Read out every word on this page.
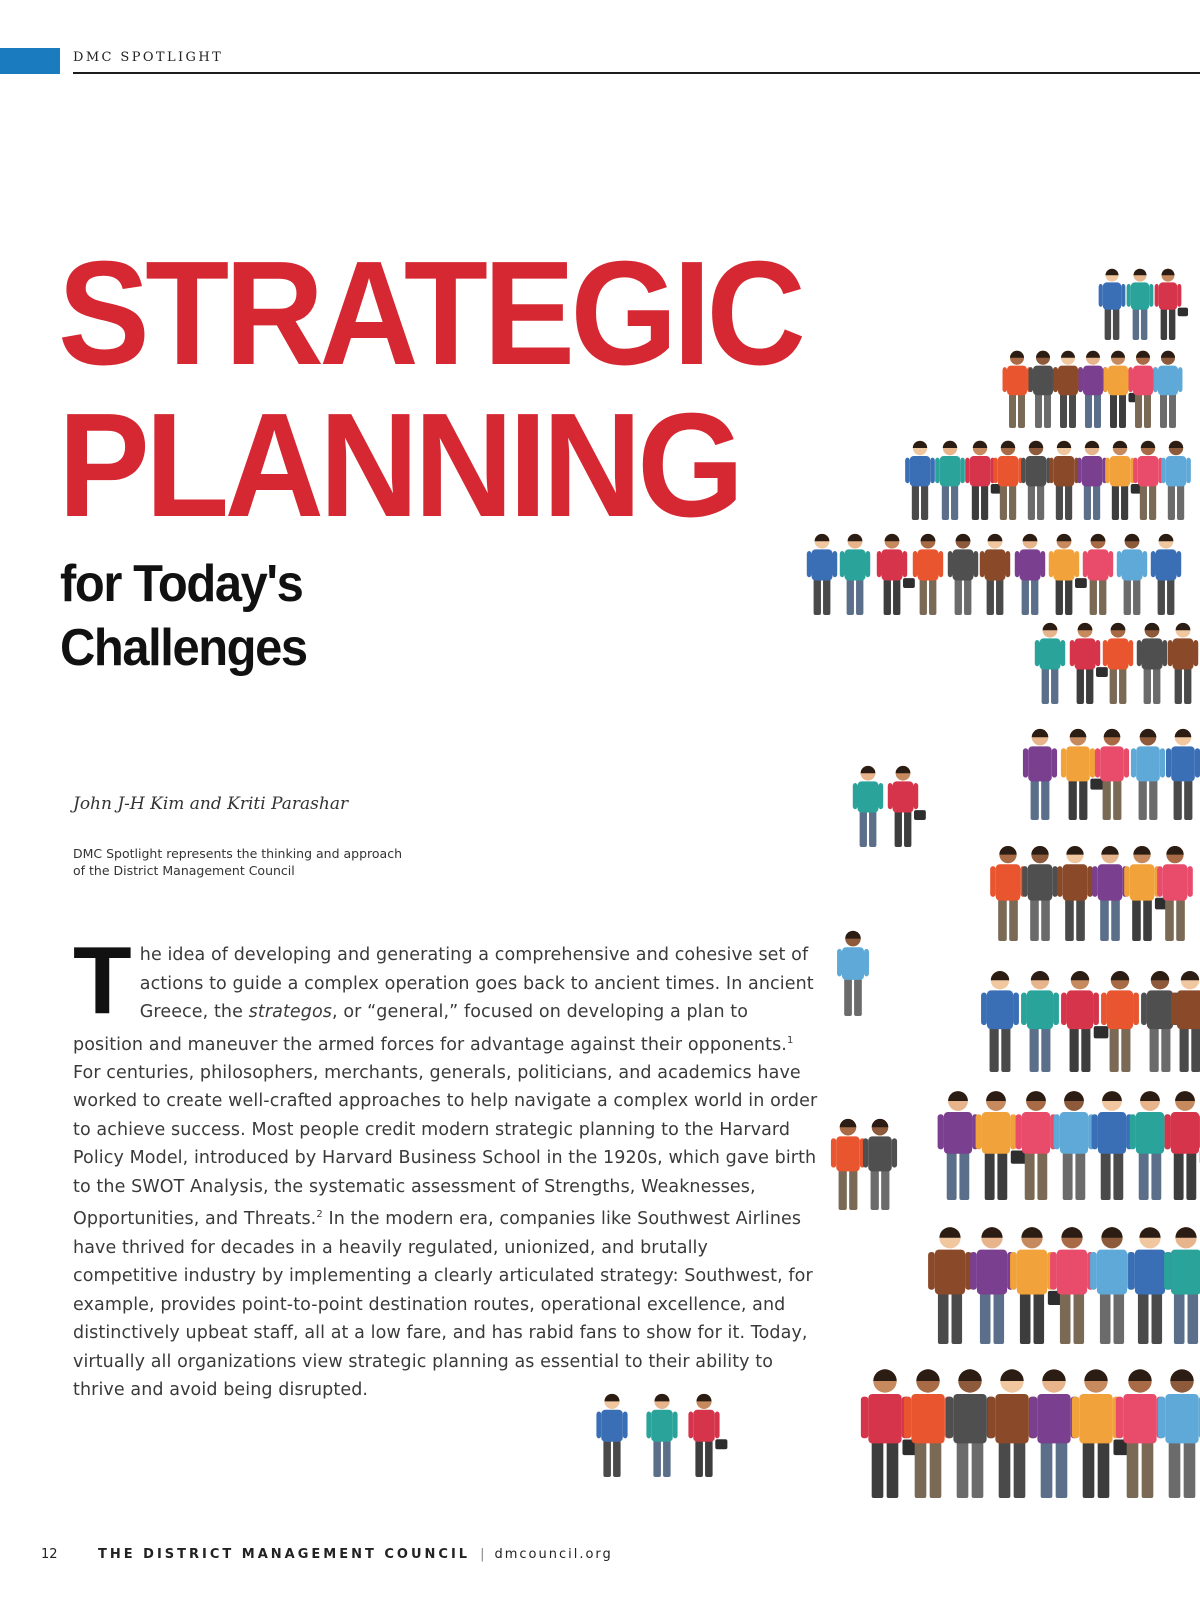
DMC SPOTLIGHT
STRATEGIC
PLANNING
for Today's
Challenges
John J-H Kim and Kriti Parashar
DMC Spotlight represents the thinking and approach
of the District Management Council
The idea of developing and generating a comprehensive and cohesive set of actions to guide a complex operation goes back to ancient times. In ancient Greece, the strategos, or “general,” focused on developing a plan to position and maneuver the armed forces for advantage against their opponents.$^1$ For centuries, philosophers, merchants, generals, politicians, and academics have worked to create well-crafted approaches to help navigate a complex world in order to achieve success. Most people credit modern strategic planning to the Harvard Policy Model, introduced by Harvard Business School in the 1920s, which gave birth to the SWOT Analysis, the systematic assessment of Strengths, Weaknesses, Opportunities, and Threats.$^2$ In the modern era, companies like Southwest Airlines have thrived for decades in a heavily regulated, unionized, and brutally competitive industry by implementing a clearly articulated strategy: Southwest, for example, provides point-to-point destination routes, operational excellence, and distinctively upbeat staff, all at a low fare, and has rabid fans to show for it. Today, virtually all organizations view strategic planning as essential to their ability to thrive and avoid being disrupted.
12	THE DISTRICT MANAGEMENT COUNCIL | dmcouncil.org
